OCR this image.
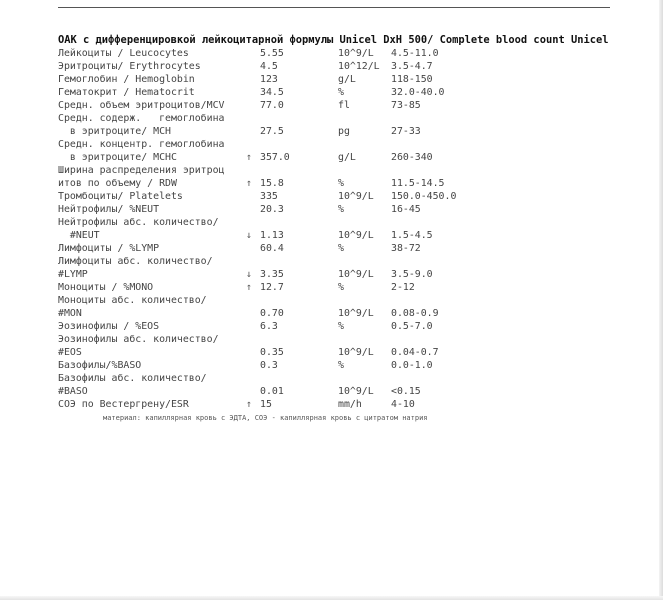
ОАК с дифференцировкой лейкоцитарной формулы Unicel DxH 500/ Complete blood count Unicel
Лейкоциты / Leucocytes	5.55	10^9/L 4.5-11.0
Эритроциты/ Erythrocytes	4.5	10^12/L 3.5-4.7
Гемоглобин / Hemoglobin	123	g/L	118-150
Гематокрит / Hematocrit	34.5	%	32.0-40.0
Средн. объем эритроцитов/MCV	77.0	fl	73-85
Средн. содерж.   гемоглобина
в эритроците/ MCH	27.5	pg	27-33
Средн. концентр. гемоглобина
в эритроците/ MCHC	↑ 357.0	g/L	260-340
Ширина распределения эритроц
итов по объему / RDW	↑ 15.8	%	11.5-14.5
Тромбоциты/ Platelets	335	10^9/L 150.0-450.0
Нейтрофилы/ %NEUT	20.3	%	16-45
Нейтрофилы абс. количество/
#NEUT	↓ 1.13	10^9/L 1.5-4.5
Лимфоциты / %LYMP	60.4	%	38-72
Лимфоциты абс. количество/
#LYMP	↓ 3.35	10^9/L 3.5-9.0
Моноциты / %MONO	↑ 12.7	%	2-12
Моноциты абс. количество/
#MON	0.70	10^9/L 0.08-0.9
Эозинофилы / %EOS	6.3	%	0.5-7.0
Эозинофилы абс. количество/
#EOS	0.35	10^9/L 0.04-0.7
Базофилы/%BASO	0.3	%	0.0-1.0
Базофилы абс. количество/
#BASO	0.01	10^9/L <0.15
СОЭ по Вестергрену/ESR	↑ 15	mm/h	4-10
материал: капиллярная кровь с ЭДТА, СОЭ - капиллярная кровь с цитратом натрия
